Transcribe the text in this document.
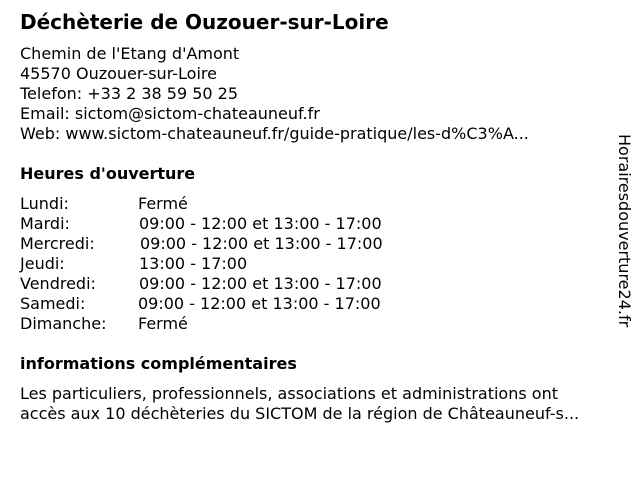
Déchèterie de Ouzouer-sur-Loire
Chemin de l'Etang d'Amont
45570 Ouzouer-sur-Loire
Telefon: +33 2 38 59 50 25
Email: sictom@sictom-chateauneuf.fr
Web: www.sictom-chateauneuf.fr/guide-pratique/les-d%C3%A...
Heures d'ouverture
Lundi:	Fermé
Mardi:	09:00 - 12:00 et 13:00 - 17:00
Mercredi:	09:00 - 12:00 et 13:00 - 17:00
Jeudi:	13:00 - 17:00
Vendredi:	09:00 - 12:00 et 13:00 - 17:00
Samedi:	09:00 - 12:00 et 13:00 - 17:00
Dimanche: Fermé
informations complémentaires
Les particuliers, professionnels, associations et administrations ont
accès aux 10 déchèteries du SICTOM de la région de Châteauneuf-s...
Horairesdouverture24.fr
